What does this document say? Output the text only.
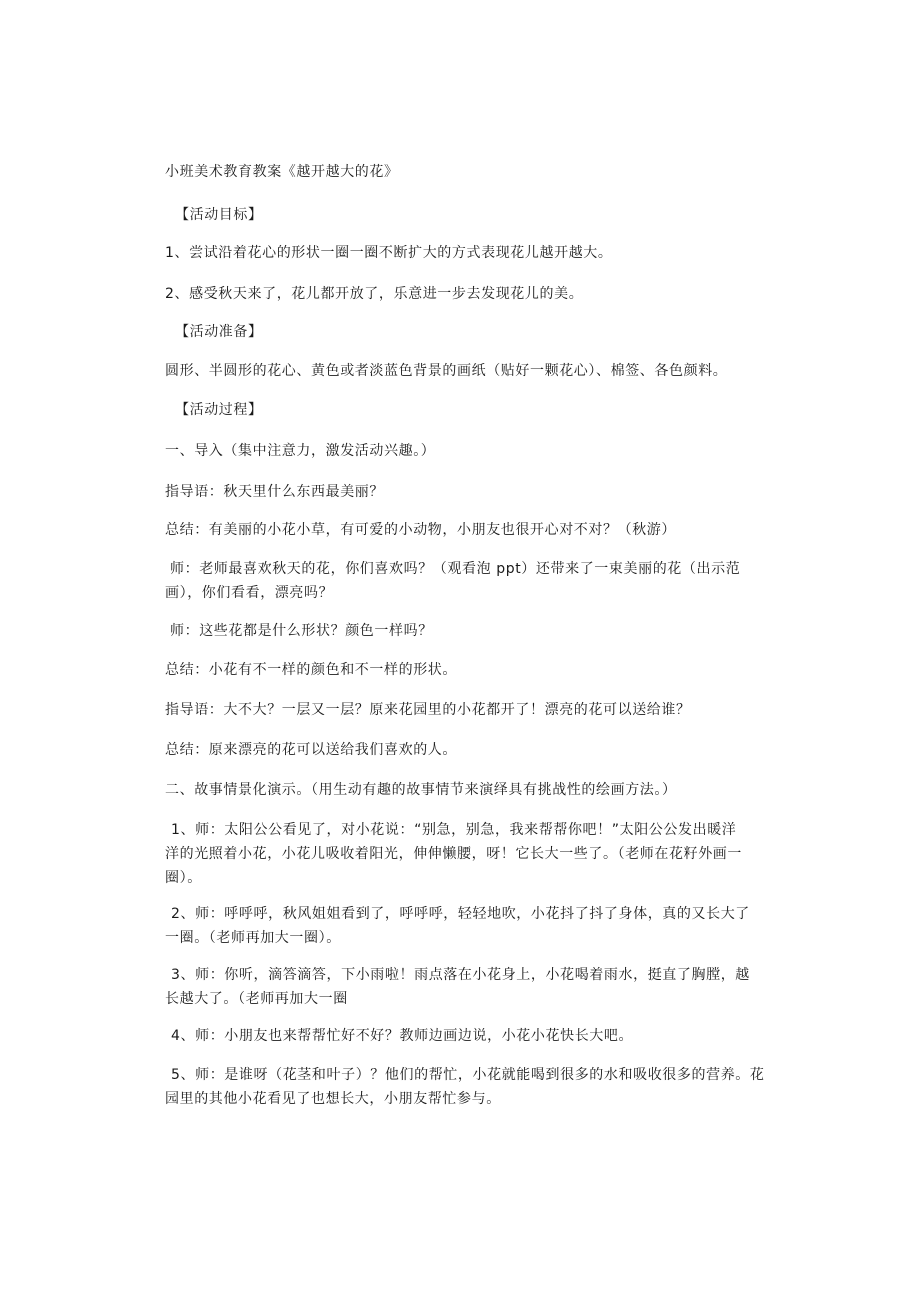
小班美术教育教案《越开越大的花》

【活动目标】

1、尝试沿着花心的形状一圈一圈不断扩大的方式表现花儿越开越大。

2、感受秋天来了，花儿都开放了，乐意进一步去发现花儿的美。

【活动准备】

圆形、半圆形的花心、黄色或者淡蓝色背景的画纸（贴好一颗花心）、棉签、各色颜料。

【活动过程】

一、导入（集中注意力，激发活动兴趣。）

指导语：秋天里什么东西最美丽？

总结：有美丽的小花小草，有可爱的小动物，小朋友也很开心对不对？（秋游）

师：老师最喜欢秋天的花，你们喜欢吗？（观看泡 ppt）还带来了一束美丽的花（出示范
画），你们看看，漂亮吗？

师：这些花都是什么形状？颜色一样吗？

总结：小花有不一样的颜色和不一样的形状。

指导语：大不大？一层又一层？原来花园里的小花都开了！漂亮的花可以送给谁？

总结：原来漂亮的花可以送给我们喜欢的人。

二、故事情景化演示。（用生动有趣的故事情节来演绎具有挑战性的绘画方法。）

1、师：太阳公公看见了，对小花说：“别急，别急，我来帮帮你吧！”太阳公公发出暖洋
洋的光照着小花，小花儿吸收着阳光，伸伸懒腰，呀！它长大一些了。（老师在花籽外画一
圈）。
2、师：呼呼呼，秋风姐姐看到了，呼呼呼，轻轻地吹，小花抖了抖了身体，真的又长大了
一圈。（老师再加大一圈）。
3、师：你听，滴答滴答，下小雨啦！雨点落在小花身上，小花喝着雨水，挺直了胸膛，越
长越大了。（老师再加大一圈

4、师：小朋友也来帮帮忙好不好？教师边画边说，小花小花快长大吧。

5、师：是谁呀（花茎和叶子）？他们的帮忙，小花就能喝到很多的水和吸收很多的营养。花
园里的其他小花看见了也想长大，小朋友帮忙参与。
